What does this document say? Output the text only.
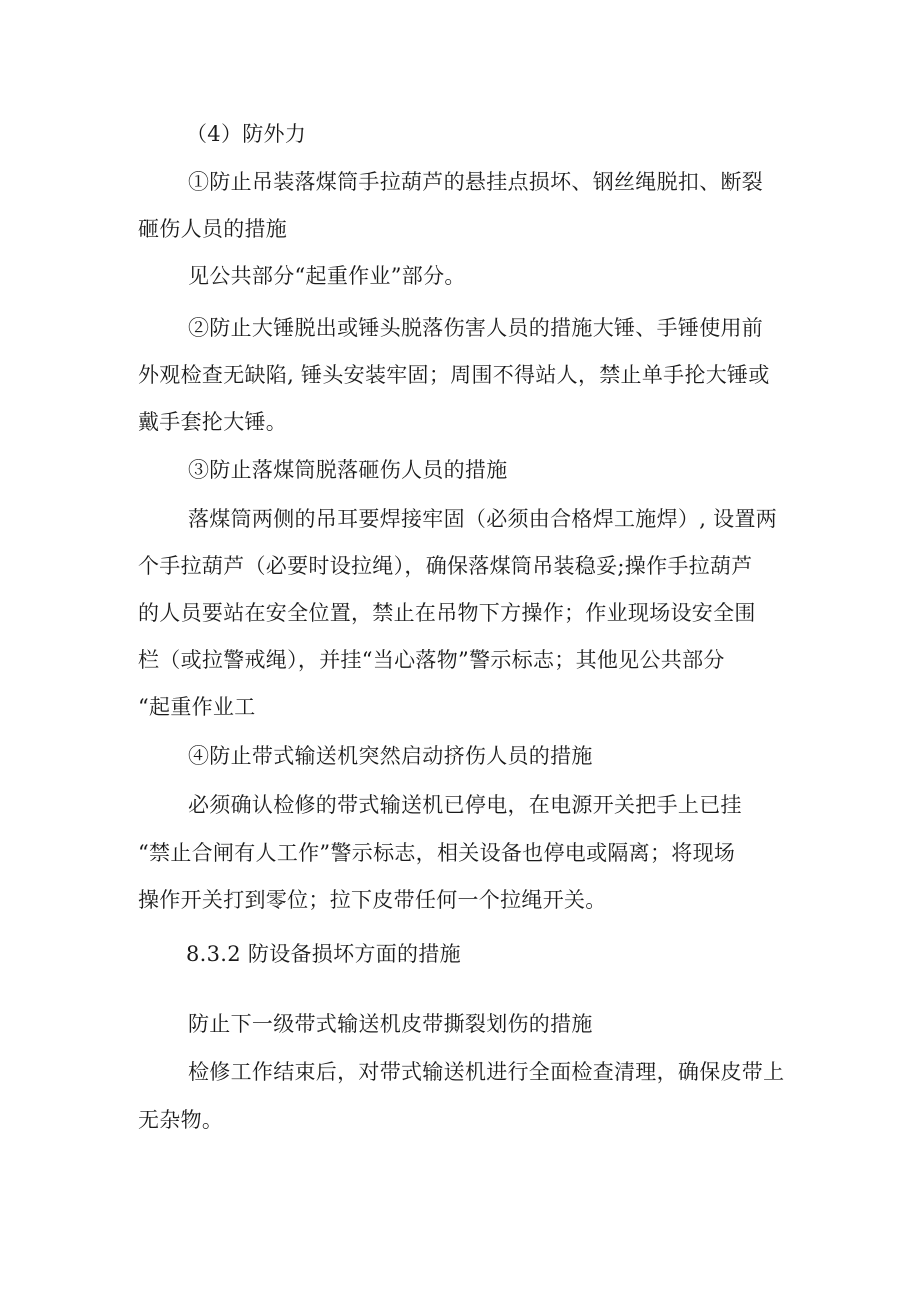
（4）防外力
①防止吊装落煤筒手拉葫芦的悬挂点损坏、钢丝绳脱扣、断裂
砸伤人员的措施
见公共部分“起重作业”部分。
②防止大锤脱出或锤头脱落伤害人员的措施大锤、手锤使用前
外观检查无缺陷, 锤头安装牢固；周围不得站人，禁止单手抡大锤或
戴手套抡大锤。
③防止落煤筒脱落砸伤人员的措施
落煤筒两侧的吊耳要焊接牢固（必须由合格焊工施焊）, 设置两
个手拉葫芦（必要时设拉绳），确保落煤筒吊装稳妥;操作手拉葫芦
的人员要站在安全位置，禁止在吊物下方操作；作业现场设安全围
栏（或拉警戒绳），并挂“当心落物”警示标志；其他见公共部分
“起重作业工
④防止带式输送机突然启动挤伤人员的措施
必须确认检修的带式输送机已停电，在电源开关把手上已挂
“禁止合闸有人工作”警示标志，相关设备也停电或隔离；将现场
操作开关打到零位；拉下皮带任何一个拉绳开关。
8.3.2 防设备损坏方面的措施
防止下一级带式输送机皮带撕裂划伤的措施
检修工作结束后，对带式输送机进行全面检查清理，确保皮带上
无杂物。
